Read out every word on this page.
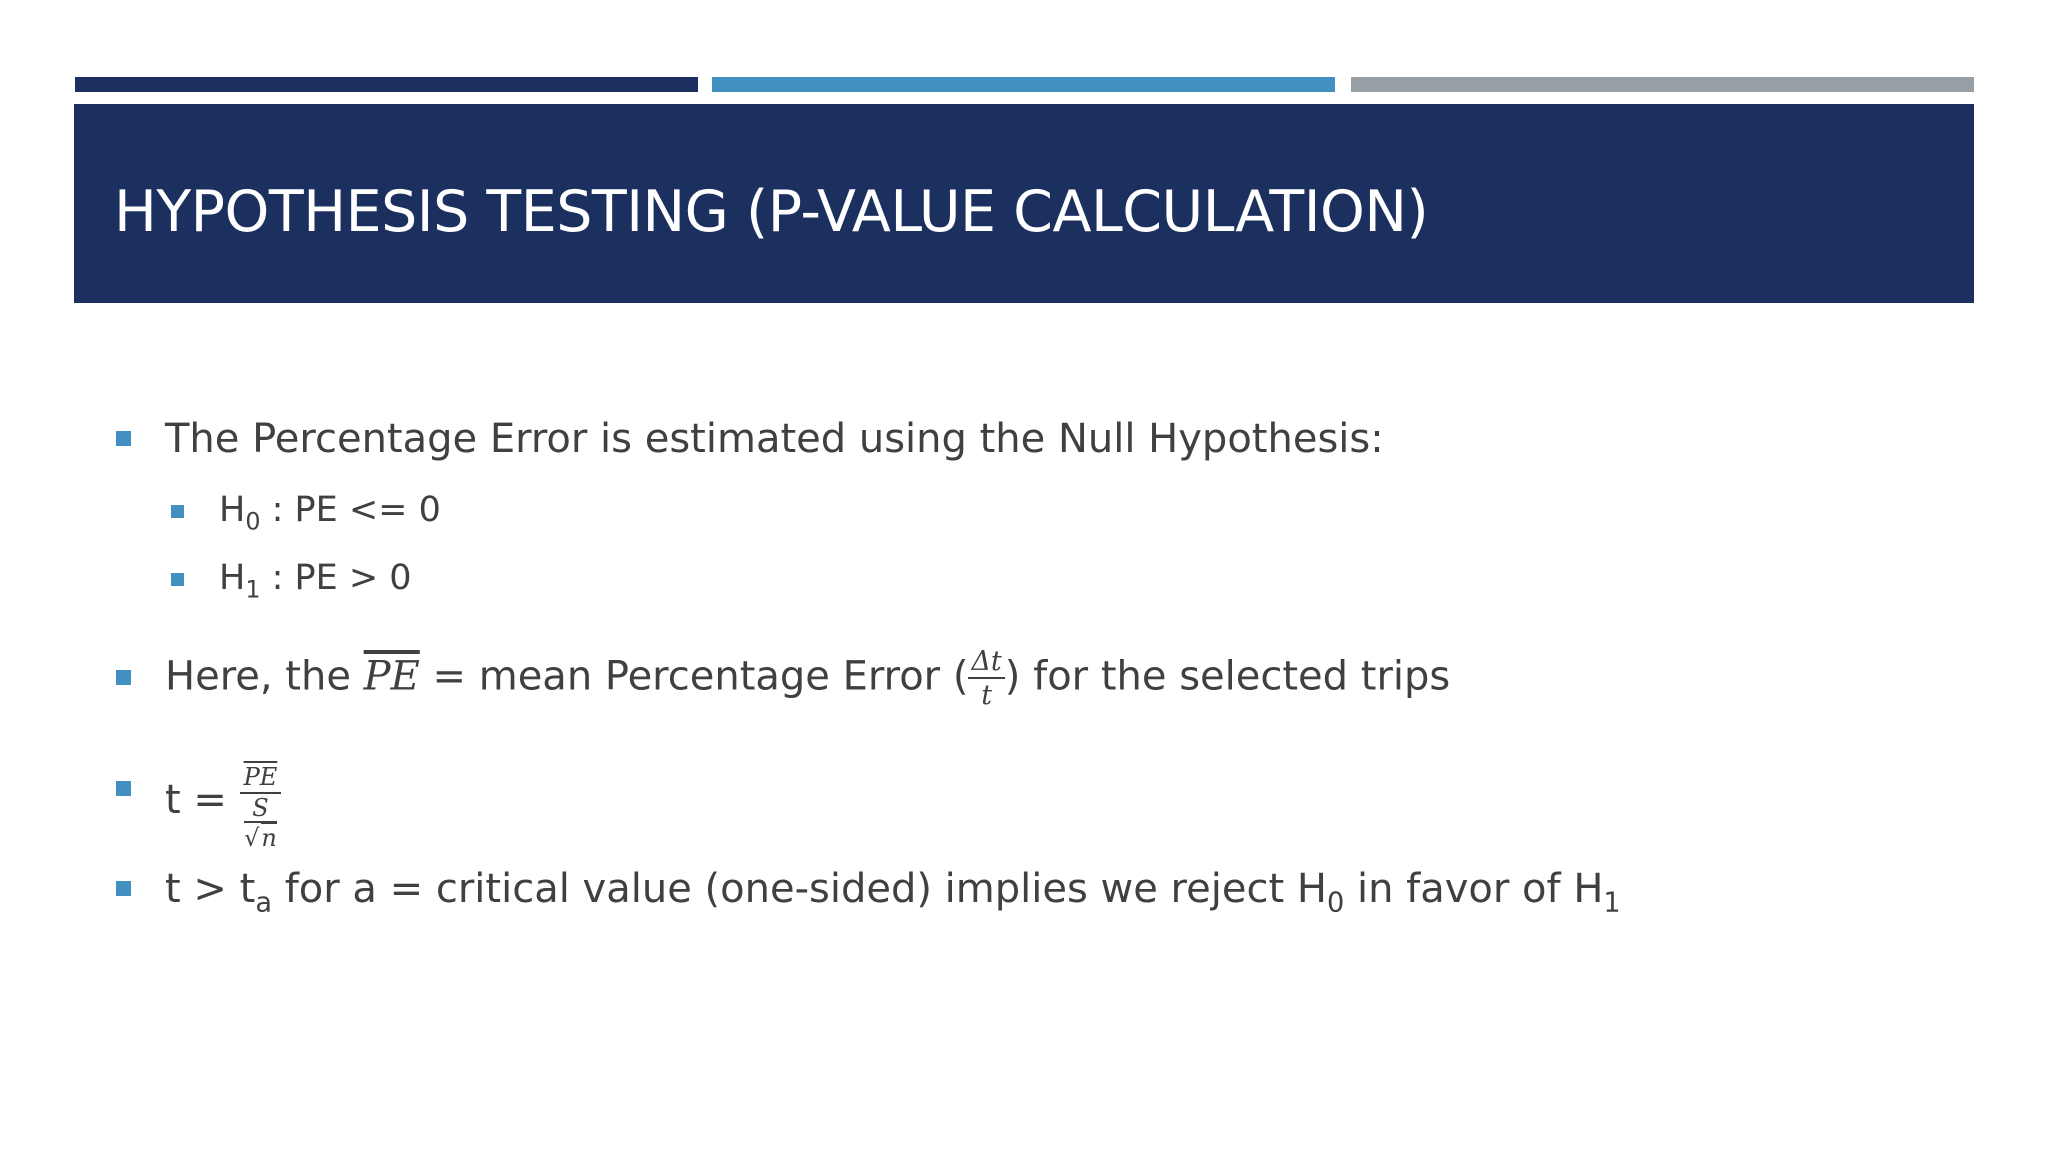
HYPOTHESIS TESTING (P-VALUE CALCULATION)
The Percentage Error is estimated using the Null Hypothesis:
$H_0$ : PE <= 0
$H_1$ : PE > 0
Here, the $\overline{PE}$ = mean Percentage Error ( $\frac{\Delta t}{t}$ ) for the selected trips
$t = \frac{\overline{PE}}{\frac{S}{√n}}$
$t > t_a$ for a = critical value (one-sided) implies we reject $H_0$ in favor of $H_1$
